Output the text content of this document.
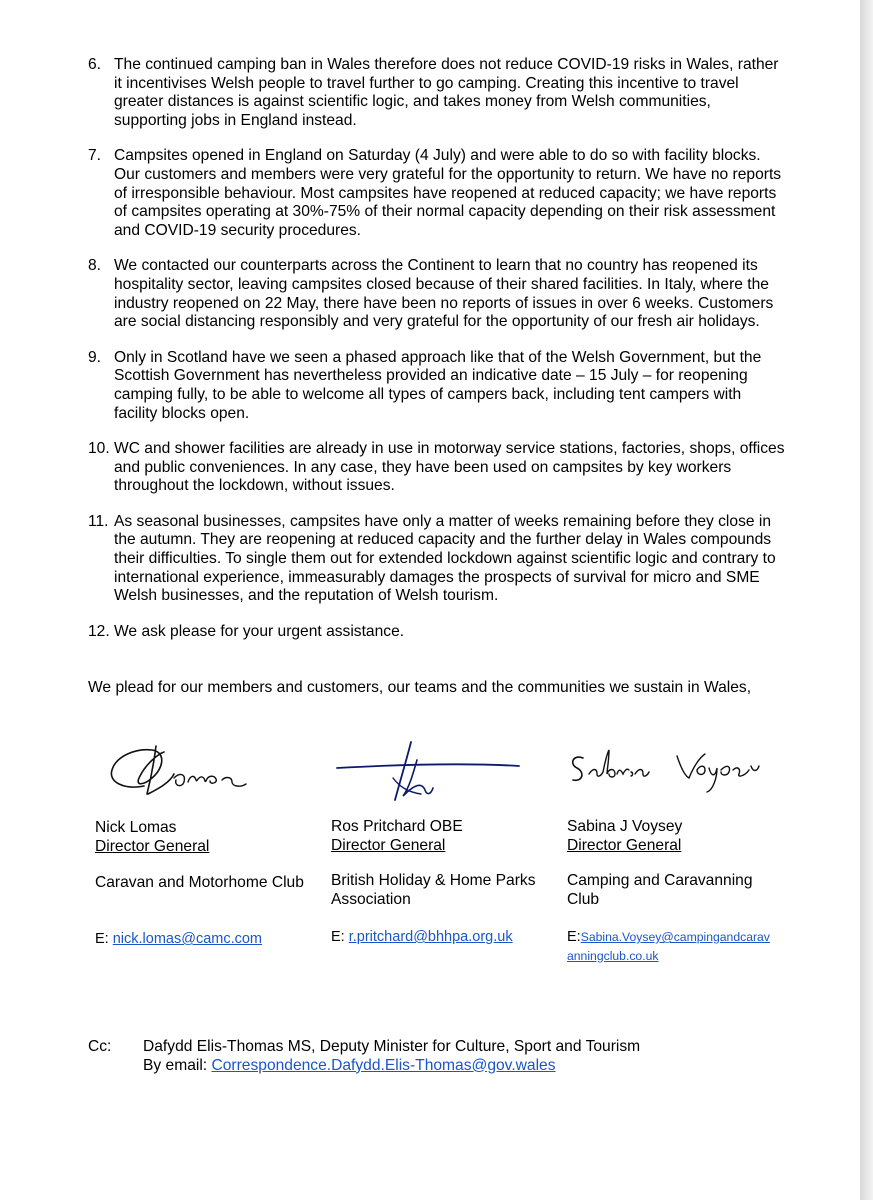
6. The continued camping ban in Wales therefore does not reduce COVID-19 risks in Wales, rather it incentivises Welsh people to travel further to go camping. Creating this incentive to travel greater distances is against scientific logic, and takes money from Welsh communities, supporting jobs in England instead.
7. Campsites opened in England on Saturday (4 July) and were able to do so with facility blocks. Our customers and members were very grateful for the opportunity to return. We have no reports of irresponsible behaviour. Most campsites have reopened at reduced capacity; we have reports of campsites operating at 30%-75% of their normal capacity depending on their risk assessment and COVID-19 security procedures.
8. We contacted our counterparts across the Continent to learn that no country has reopened its hospitality sector, leaving campsites closed because of their shared facilities. In Italy, where the industry reopened on 22 May, there have been no reports of issues in over 6 weeks. Customers are social distancing responsibly and very grateful for the opportunity of our fresh air holidays.
9. Only in Scotland have we seen a phased approach like that of the Welsh Government, but the Scottish Government has nevertheless provided an indicative date – 15 July – for reopening camping fully, to be able to welcome all types of campers back, including tent campers with facility blocks open.
10. WC and shower facilities are already in use in motorway service stations, factories, shops, offices and public conveniences. In any case, they have been used on campsites by key workers throughout the lockdown, without issues.
11. As seasonal businesses, campsites have only a matter of weeks remaining before they close in the autumn. They are reopening at reduced capacity and the further delay in Wales compounds their difficulties. To single them out for extended lockdown against scientific logic and contrary to international experience, immeasurably damages the prospects of survival for micro and SME Welsh businesses, and the reputation of Welsh tourism.
12. We ask please for your urgent assistance.
We plead for our members and customers, our teams and the communities we sustain in Wales,
Nick Lomas
Director General
Caravan and Motorhome Club
E: nick.lomas@camc.com
Ros Pritchard OBE
Director General
British Holiday & Home Parks Association
E: r.pritchard@bhhpa.org.uk
Sabina J Voysey
Director General
Camping and Caravanning Club
E:Sabina.Voysey@campingandcarav
anningclub.co.uk
Cc: Dafydd Elis-Thomas MS, Deputy Minister for Culture, Sport and Tourism
By email: Correspondence.Dafydd.Elis-Thomas@gov.wales
